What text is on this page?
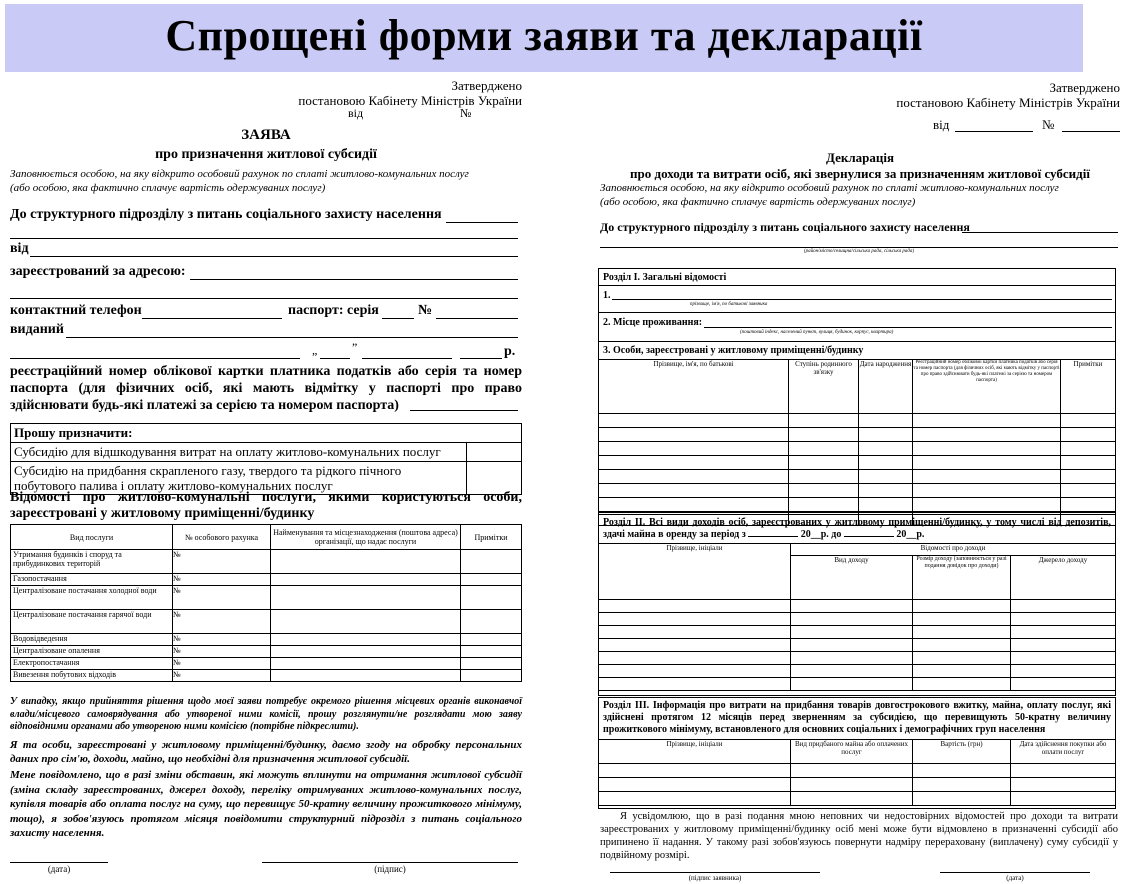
Спрощені форми заяви та декларації
Затверджено
постановою Кабінету Міністрів України
від	№
ЗАЯВА
про призначення житлової субсидії
Заповнюється особою, на яку відкрито особовий рахунок по сплаті житлово-комунальних послуг
(або особою, яка фактично сплачує вартість одержуваних послуг)
До структурного підрозділу з питань соціального захисту населення
від
зареєстрований за адресою:
контактний телефон	паспорт: серія	№
виданий
„	”	р.
реєстраційний номер облікової картки платника податків або серія та номер паспорта (для фізичних осіб, які мають відмітку у паспорті про право здійснювати будь-які платежі за серією та номером паспорта)
Прошу призначити:	
Субсидію для відшкодування витрат на оплату житлово-комунальних послуг	
Субсидію на придбання скрапленого газу, твердого та рідкого пічного побутового палива і оплату житлово-комунальних послуг	
Відомості про житлово-комунальні послуги, якими користуються особи, зареєстровані у житловому приміщенні/будинку
Вид послуги	№ особового рахунка	Найменування та місцезнаходження (поштова адреса) організації, що надає послуги	Примітки
Утримання будинків і споруд та прибудинкових територій	№		
Газопостачання	№		
Централізоване постачання холодної води	№		
Централізоване постачання гарячої води	№		
Водовідведення	№		
Централізоване опалення	№		
Електропостачання	№		
Вивезення побутових відходів	№		
У випадку, якщо прийняття рішення щодо моєї заяви потребує окремого рішення місцевих органів виконавчої влади/місцевого самоврядування або утвореної ними комісії, прошу розглянути/не розглядати мою заяву відповідними органами або утвореною ними комісією (потрібне підкреслити).
Я та особи, зареєстровані у житловому приміщенні/будинку, даємо згоду на обробку персональних даних про сім'ю, доходи, майно, що необхідні для призначення житлової субсидії.
Мене повідомлено, що в разі зміни обставин, які можуть вплинути на отримання житлової субсидії (зміна складу зареєстрованих, джерел доходу, переліку отримуваних житлово-комунальних послуг, купівля товарів або оплата послуг на суму, що перевищує 50-кратну величину прожиткового мінімуму, тощо), я зобов'язуюсь протягом місяця повідомити структурний підрозділ з питань соціального захисту населення.
(дата)	(підпис)
Затверджено
постановою Кабінету Міністрів України
від	№
Декларація
про доходи та витрати осіб, які звернулися за призначенням житлової субсидії
Заповнюється особою, на яку відкрито особовий рахунок по сплаті житлово-комунальних послуг
(або особою, яка фактично сплачує вартість одержуваних послуг)
До структурного підрозділу з питань соціального захисту населення
(район/місто/селищна/сільська рада, сільська рада)
Розділ I. Загальні відомості
1.
прізвище, ім'я, по батькові заявника
2. Місце проживання:
(поштовий індекс, населений пункт, вулиця, будинок, корпус, квартира)
3. Особи, зареєстровані у житловому приміщенні/будинку
Прізвище, ім'я, по батькові	Ступінь родинного зв'язку	Дата народження	Реєстраційний номер облікової картки платника податків або серія та номер паспорта (для фізичних осіб, які мають відмітку у паспорті про право здійснювати будь-які платежі за серією та номером паспорта)	Примітки

Розділ II. Всі види доходів осіб, зареєстрованих у житловому приміщенні/будинку, у тому числі від депозитів, здачі майна в оренду за період з	20__р. до	20__р.
Прізвище, ініціали	Відомості про доходи		
	Вид доходу	Розмір доходу (заповнюється у разі подання довідок про доходи)	Джерело доходу

Розділ III. Інформація про витрати на придбання товарів довгострокового вжитку, майна, оплату послуг, які здійснені протягом 12 місяців перед зверненням за субсидією, що перевищують 50-кратну величину прожиткового мінімуму, встановленого для основних соціальних і демографічних груп населення
Прізвище, ініціали	Вид придбаного майна або оплачених послуг	Вартість (грн)	Дата здійснення покупки або оплати послуг

Я усвідомлюю, що в разі подання мною неповних чи недостовірних відомостей про доходи та витрати зареєстрованих у житловому приміщенні/будинку осіб мені може бути відмовлено в призначенні субсидії або припинено її надання. У такому разі зобов'язуюсь повернути надміру перераховану (виплачену) суму субсидії у подвійному розмірі.
(підпис заявника)	(дата)
